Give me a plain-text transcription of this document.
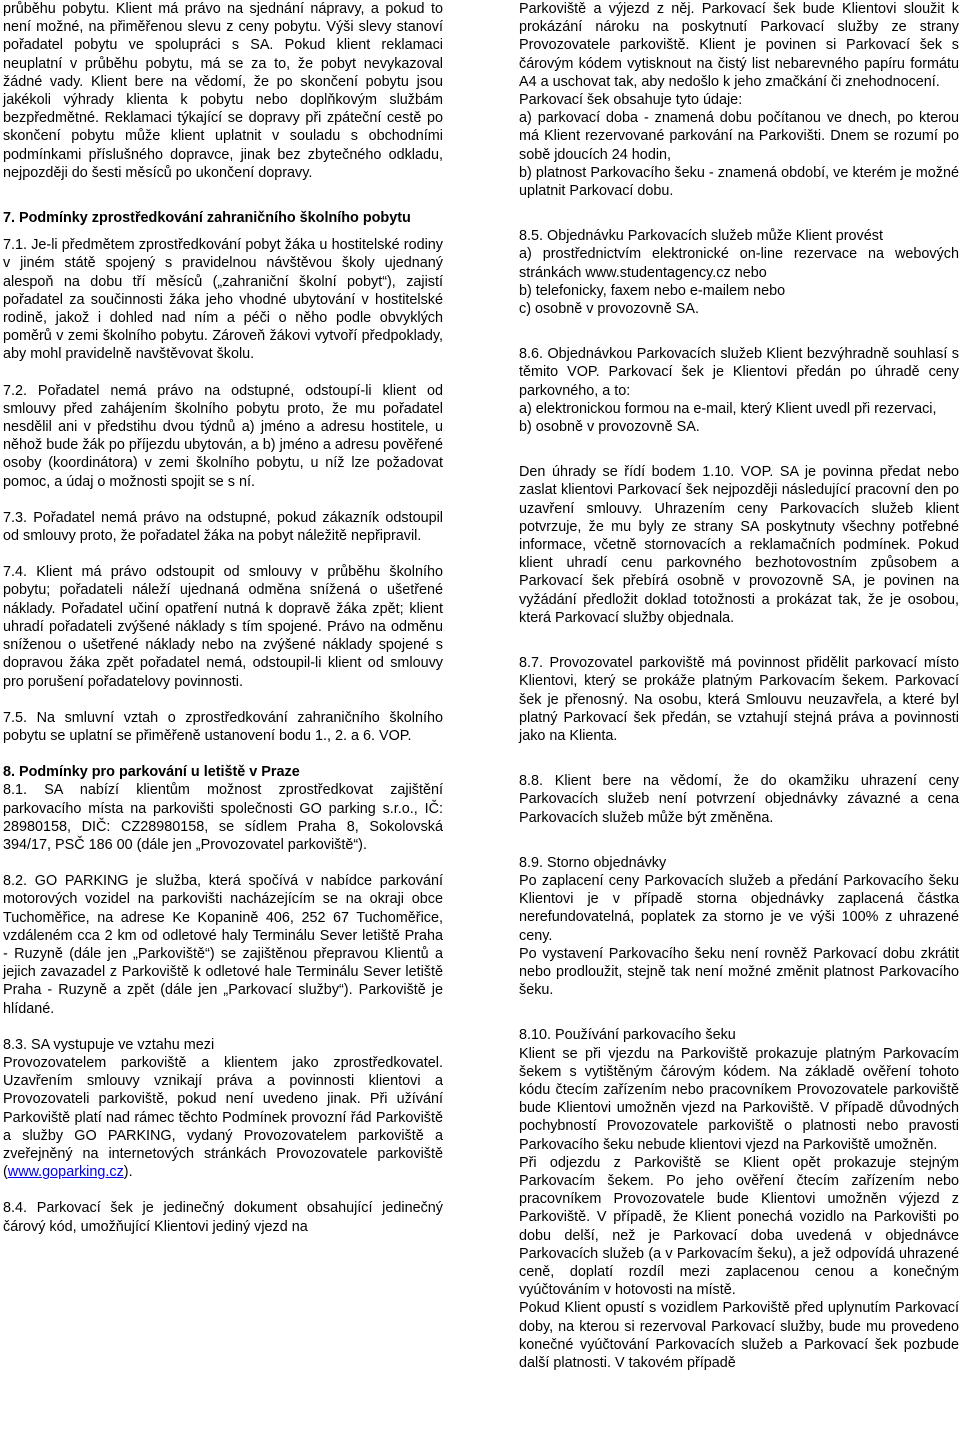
průběhu pobytu. Klient má právo na sjednání nápravy, a pokud to není možné, na přiměřenou slevu z ceny pobytu. Výši slevy stanoví pořadatel pobytu ve spolupráci s SA. Pokud klient reklamaci neuplatní v průběhu pobytu, má se za to, že pobyt nevykazoval žádné vady. Klient bere na vědomí, že po skončení pobytu jsou jakékoli výhrady klienta k pobytu nebo doplňkovým službám bezpředmětné. Reklamaci týkající se dopravy při zpáteční cestě po skončení pobytu může klient uplatnit v souladu s obchodními podmínkami příslušného dopravce, jinak bez zbytečného odkladu, nejpozději do šesti měsíců po ukončení dopravy.

7. Podmínky zprostředkování zahraničního školního pobytu

7.1. Je-li předmětem zprostředkování pobyt žáka u hostitelské rodiny v jiném státě spojený s pravidelnou návštěvou školy ujednaný alespoň na dobu tří měsíců („zahraniční školní pobyt“), zajistí pořadatel za součinnosti žáka jeho vhodné ubytování v hostitelské rodině, jakož i dohled nad ním a péči o něho podle obvyklých poměrů v zemi školního pobytu. Zároveň žákovi vytvoří předpoklady, aby mohl pravidelně navštěvovat školu.

7.2. Pořadatel nemá právo na odstupné, odstoupí-li klient od smlouvy před zahájením školního pobytu proto, že mu pořadatel nesdělil ani v předstihu dvou týdnů a) jméno a adresu hostitele, u něhož bude žák po příjezdu ubytován, a b) jméno a adresu pověřené osoby (koordinátora) v zemi školního pobytu, u níž lze požadovat pomoc, a údaj o možnosti spojit se s ní.

7.3. Pořadatel nemá právo na odstupné, pokud zákazník odstoupil od smlouvy proto, že pořadatel žáka na pobyt náležitě nepřipravil.

7.4. Klient má právo odstoupit od smlouvy v průběhu školního pobytu; pořadateli náleží ujednaná odměna snížená o ušetřené náklady. Pořadatel učiní opatření nutná k dopravě žáka zpět; klient uhradí pořadateli zvýšené náklady s tím spojené. Právo na odměnu sníženou o ušetřené náklady nebo na zvýšené náklady spojené s dopravou žáka zpět pořadatel nemá, odstoupil-li klient od smlouvy pro porušení pořadatelovy povinnosti.

7.5. Na smluvní vztah o zprostředkování zahraničního školního pobytu se uplatní se přiměřeně ustanovení bodu 1., 2. a 6. VOP.

8. Podmínky pro parkování u letiště v Praze

8.1. SA nabízí klientům možnost zprostředkovat zajištění parkovacího místa na parkovišti společnosti GO parking s.r.o., IČ: 28980158, DIČ: CZ28980158, se sídlem Praha 8, Sokolovská 394/17, PSČ 186 00 (dále jen „Provozovatel parkoviště“).

8.2. GO PARKING je služba, která spočívá v nabídce parkování motorových vozidel na parkovišti nacházejícím se na okraji obce Tuchoměřice, na adrese Ke Kopanině 406, 252 67 Tuchoměřice, vzdáleném cca 2 km od odletové haly Terminálu Sever letiště Praha - Ruzyně (dále jen „Parkoviště“) se zajištěnou přepravou Klientů a jejich zavazadel z Parkoviště k odletové hale Terminálu Sever letiště Praha - Ruzyně a zpět (dále jen „Parkovací služby“). Parkoviště je hlídané.

8.3. SA vystupuje ve vztahu mezi

Provozovatelem parkoviště a klientem jako zprostředkovatel. Uzavřením smlouvy vznikají práva a povinnosti klientovi a Provozovateli parkoviště, pokud není uvedeno jinak. Při užívání Parkoviště platí nad rámec těchto Podmínek provozní řád Parkoviště a služby GO PARKING, vydaný Provozovatelem parkoviště a zveřejněný na internetových stránkách Provozovatele parkoviště (www.goparking.cz).

8.4. Parkovací šek je jedinečný dokument obsahující jedinečný čárový kód, umožňující Klientovi jediný vjezd na

Parkoviště a výjezd z něj. Parkovací šek bude Klientovi sloužit k prokázání nároku na poskytnutí Parkovací služby ze strany Provozovatele parkoviště. Klient je povinen si Parkovací šek s čárovým kódem vytisknout na čistý list nebarevného papíru formátu A4 a uschovat tak, aby nedošlo k jeho zmačkání či znehodnocení.

Parkovací šek obsahuje tyto údaje:

a) parkovací doba - znamená dobu počítanou ve dnech, po kterou má Klient rezervované parkování na Parkovišti. Dnem se rozumí po sobě jdoucích 24 hodin,

b) platnost Parkovacího šeku - znamená období, ve kterém je možné uplatnit Parkovací dobu.

8.5. Objednávku Parkovacích služeb může Klient provést

a) prostřednictvím elektronické on-line rezervace na webových stránkách www.studentagency.cz nebo

b) telefonicky, faxem nebo e-mailem nebo

c) osobně v provozovně SA.

8.6. Objednávkou Parkovacích služeb Klient bezvýhradně souhlasí s těmito VOP. Parkovací šek je Klientovi předán po úhradě ceny parkovného, a to:

a) elektronickou formou na e-mail, který Klient uvedl při rezervaci,

b) osobně v provozovně SA.

Den úhrady se řídí bodem 1.10. VOP. SA je povinna předat nebo zaslat klientovi Parkovací šek nejpozději následující pracovní den po uzavření smlouvy. Uhrazením ceny Parkovacích služeb klient potvrzuje, že mu byly ze strany SA poskytnuty všechny potřebné informace, včetně stornovacích a reklamačních podmínek. Pokud klient uhradí cenu parkovného bezhotovostním způsobem a Parkovací šek přebírá osobně v provozovně SA, je povinen na vyžádání předložit doklad totožnosti a prokázat tak, že je osobou, která Parkovací služby objednala.

8.7. Provozovatel parkoviště má povinnost přidělit parkovací místo Klientovi, který se prokáže platným Parkovacím šekem. Parkovací šek je přenosný. Na osobu, která Smlouvu neuzavřela, a které byl platný Parkovací šek předán, se vztahují stejná práva a povinnosti jako na Klienta.

8.8. Klient bere na vědomí, že do okamžiku uhrazení ceny Parkovacích služeb není potvrzení objednávky závazné a cena Parkovacích služeb může být změněna.

8.9. Storno objednávky

Po zaplacení ceny Parkovacích služeb a předání Parkovacího šeku Klientovi je v případě storna objednávky zaplacená částka nerefundovatelná, poplatek za storno je ve výši 100% z uhrazené ceny.

Po vystavení Parkovacího šeku není rovněž Parkovací dobu zkrátit nebo prodloužit, stejně tak není možné změnit platnost Parkovacího šeku.

8.10. Používání parkovacího šeku

Klient se při vjezdu na Parkoviště prokazuje platným Parkovacím šekem s vytištěným čárovým kódem. Na základě ověření tohoto kódu čtecím zařízením nebo pracovníkem Provozovatele parkoviště bude Klientovi umožněn vjezd na Parkoviště. V případě důvodných pochybností Provozovatele parkoviště o platnosti nebo pravosti Parkovacího šeku nebude klientovi vjezd na Parkoviště umožněn.

Při odjezdu z Parkoviště se Klient opět prokazuje stejným Parkovacím šekem. Po jeho ověření čtecím zařízením nebo pracovníkem Provozovatele bude Klientovi umožněn výjezd z Parkoviště. V případě, že Klient ponechá vozidlo na Parkovišti po dobu delší, než je Parkovací doba uvedená v objednávce Parkovacích služeb (a v Parkovacím šeku), a jež odpovídá uhrazené ceně, doplatí rozdíl mezi zaplacenou cenou a konečným vyúčtováním v hotovosti na místě.

Pokud Klient opustí s vozidlem Parkoviště před uplynutím Parkovací doby, na kterou si rezervoval Parkovací služby, bude mu provedeno konečné vyúčtování Parkovacích služeb a Parkovací šek pozbude další platnosti. V takovém případě
